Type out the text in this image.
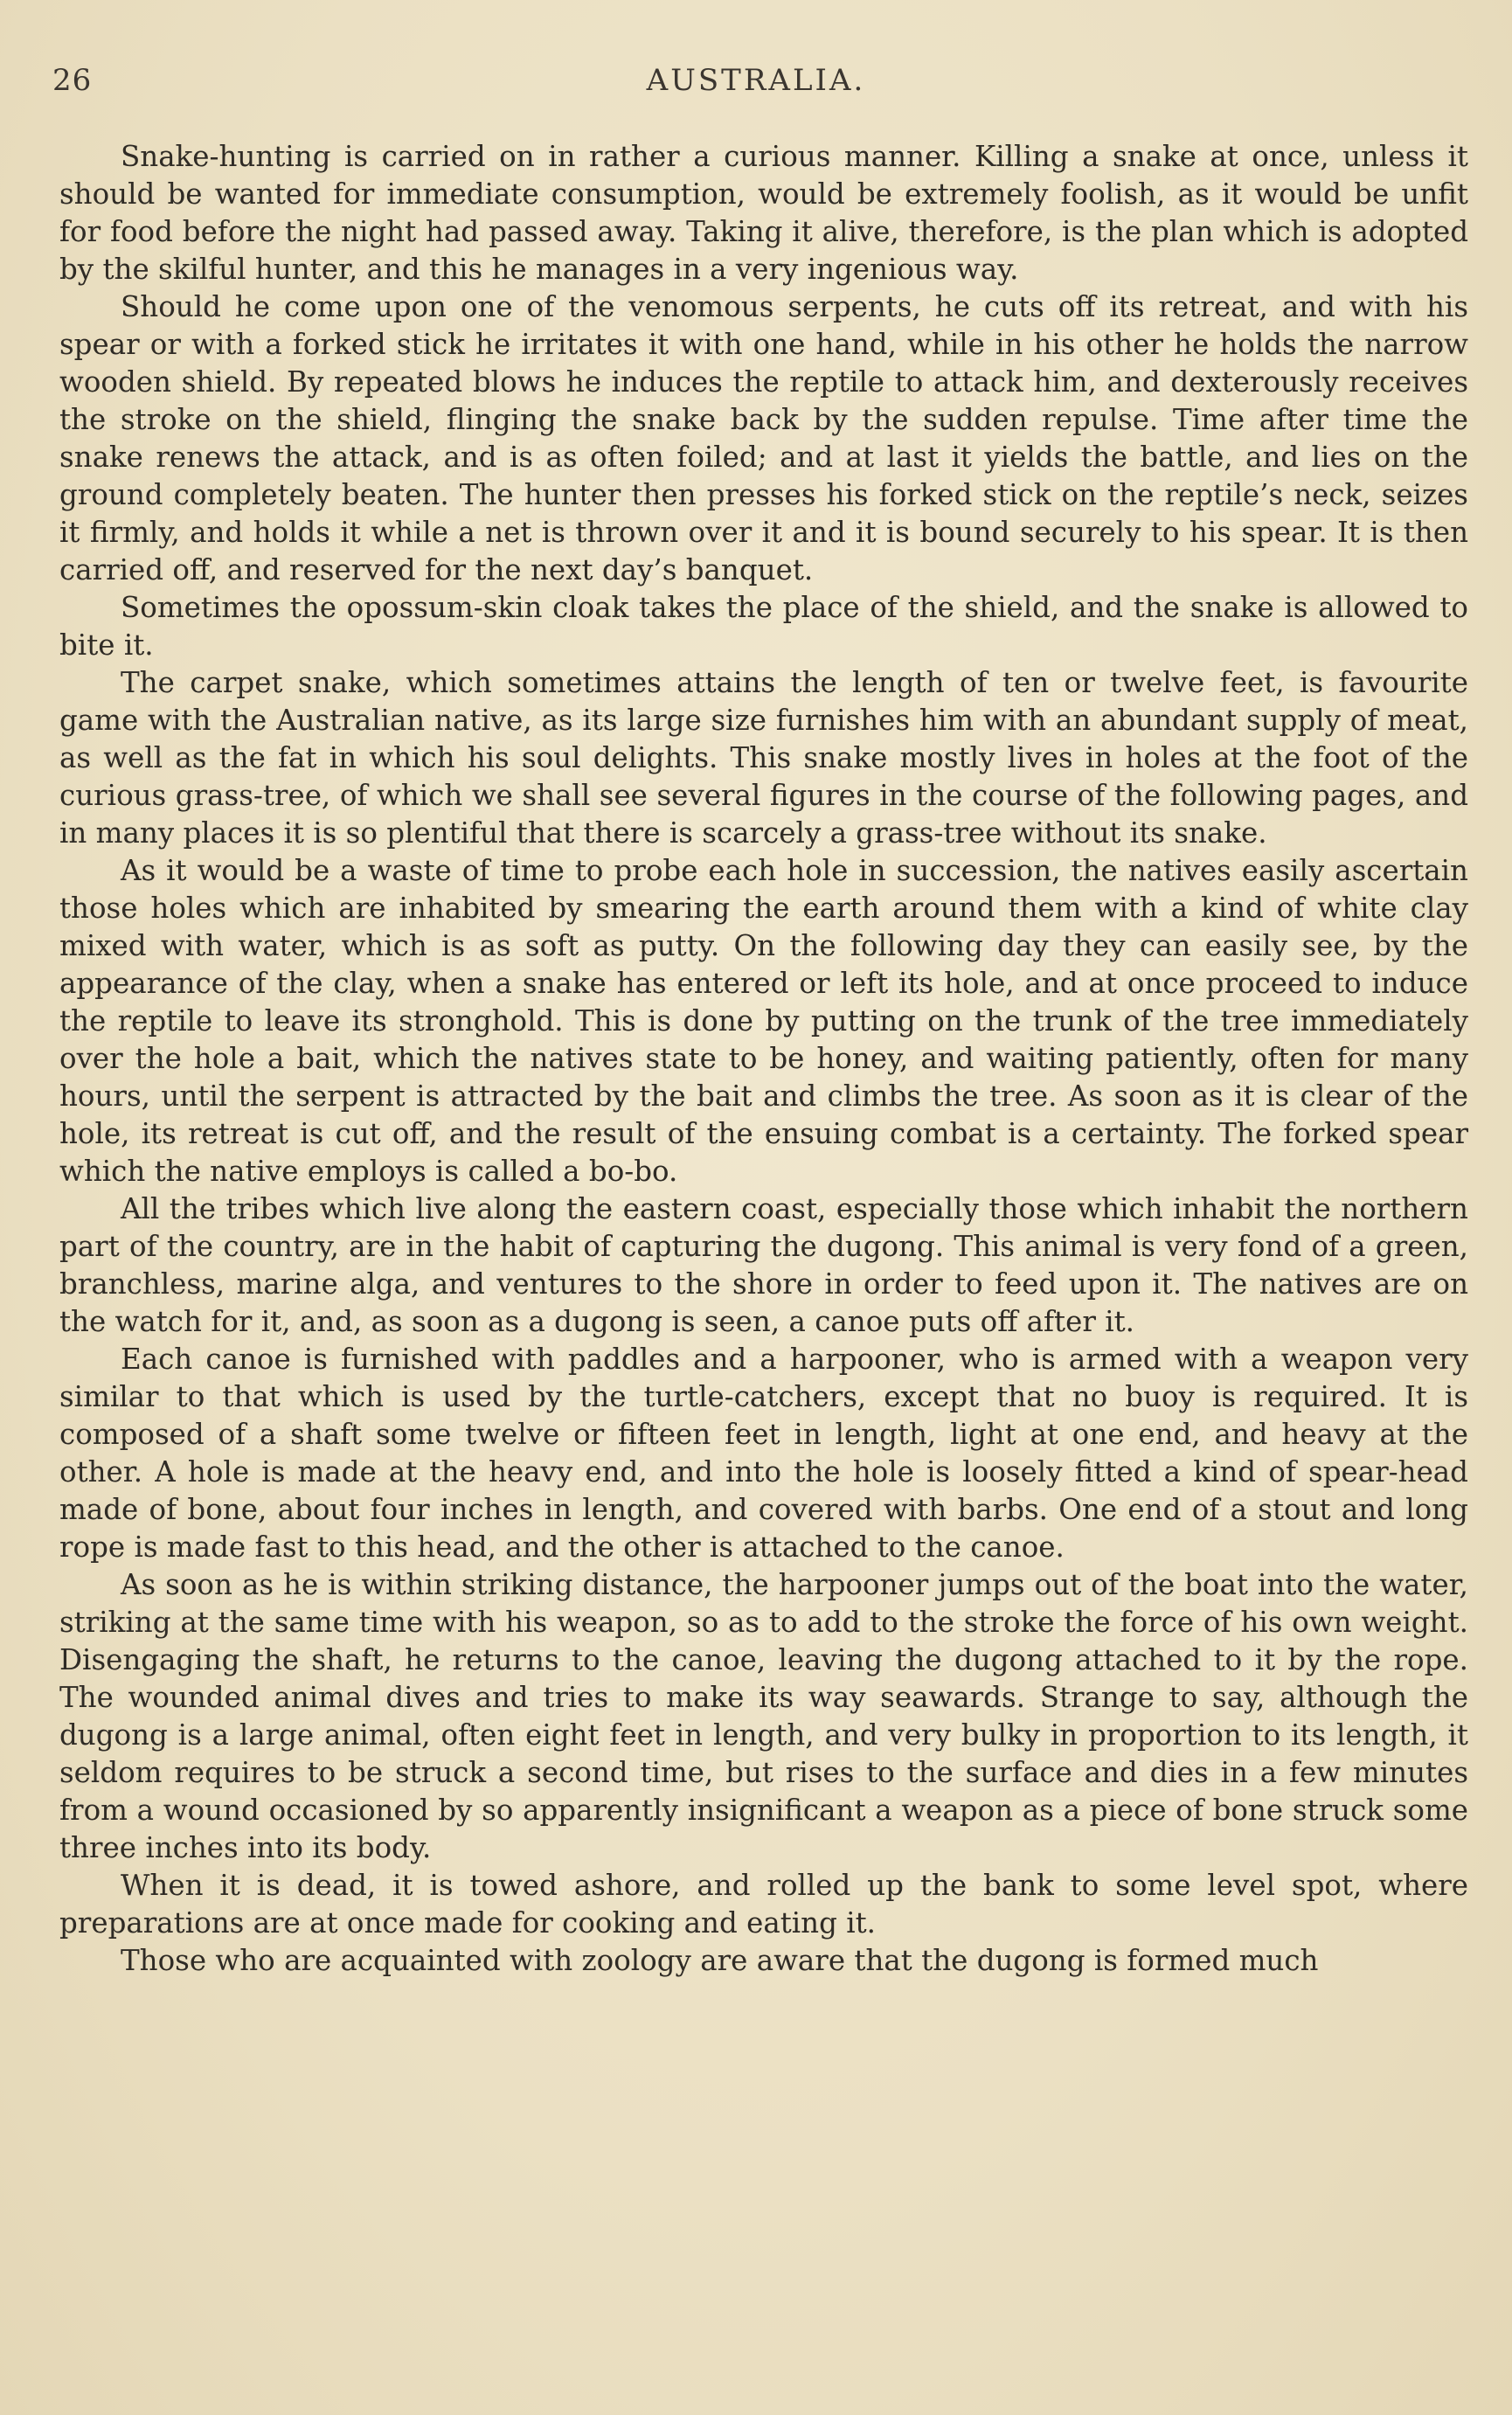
26	AUSTRALIA.

Snake-hunting is carried on in rather a curious manner. Killing a snake at once, unless it should be wanted for immediate consumption, would be extremely foolish, as it would be unfit for food before the night had passed away. Taking it alive, therefore, is the plan which is adopted by the skilful hunter, and this he manages in a very ingenious way.

Should he come upon one of the venomous serpents, he cuts off its retreat, and with his spear or with a forked stick he irritates it with one hand, while in his other he holds the narrow wooden shield. By repeated blows he induces the reptile to attack him, and dexterously receives the stroke on the shield, flinging the snake back by the sudden repulse. Time after time the snake renews the attack, and is as often foiled; and at last it yields the battle, and lies on the ground completely beaten. The hunter then presses his forked stick on the reptile’s neck, seizes it firmly, and holds it while a net is thrown over it and it is bound securely to his spear. It is then carried off, and reserved for the next day’s banquet.

Sometimes the opossum-skin cloak takes the place of the shield, and the snake is allowed to bite it.

The carpet snake, which sometimes attains the length of ten or twelve feet, is favourite game with the Australian native, as its large size furnishes him with an abundant supply of meat, as well as the fat in which his soul delights. This snake mostly lives in holes at the foot of the curious grass-tree, of which we shall see several figures in the course of the following pages, and in many places it is so plentiful that there is scarcely a grass-tree without its snake.

As it would be a waste of time to probe each hole in succession, the natives easily ascertain those holes which are inhabited by smearing the earth around them with a kind of white clay mixed with water, which is as soft as putty. On the following day they can easily see, by the appearance of the clay, when a snake has entered or left its hole, and at once proceed to induce the reptile to leave its stronghold. This is done by putting on the trunk of the tree immediately over the hole a bait, which the natives state to be honey, and waiting patiently, often for many hours, until the serpent is attracted by the bait and climbs the tree. As soon as it is clear of the hole, its retreat is cut off, and the result of the ensuing combat is a certainty. The forked spear which the native employs is called a bo-bo.

All the tribes which live along the eastern coast, especially those which inhabit the northern part of the country, are in the habit of capturing the dugong. This animal is very fond of a green, branchless, marine alga, and ventures to the shore in order to feed upon it. The natives are on the watch for it, and, as soon as a dugong is seen, a canoe puts off after it.

Each canoe is furnished with paddles and a harpooner, who is armed with a weapon very similar to that which is used by the turtle-catchers, except that no buoy is required. It is composed of a shaft some twelve or fifteen feet in length, light at one end, and heavy at the other. A hole is made at the heavy end, and into the hole is loosely fitted a kind of spear-head made of bone, about four inches in length, and covered with barbs. One end of a stout and long rope is made fast to this head, and the other is attached to the canoe.

As soon as he is within striking distance, the harpooner jumps out of the boat into the water, striking at the same time with his weapon, so as to add to the stroke the force of his own weight. Disengaging the shaft, he returns to the canoe, leaving the dugong attached to it by the rope. The wounded animal dives and tries to make its way seawards. Strange to say, although the dugong is a large animal, often eight feet in length, and very bulky in proportion to its length, it seldom requires to be struck a second time, but rises to the surface and dies in a few minutes from a wound occasioned by so apparently insignificant a weapon as a piece of bone struck some three inches into its body.

When it is dead, it is towed ashore, and rolled up the bank to some level spot, where preparations are at once made for cooking and eating it.

Those who are acquainted with zoology are aware that the dugong is formed much
